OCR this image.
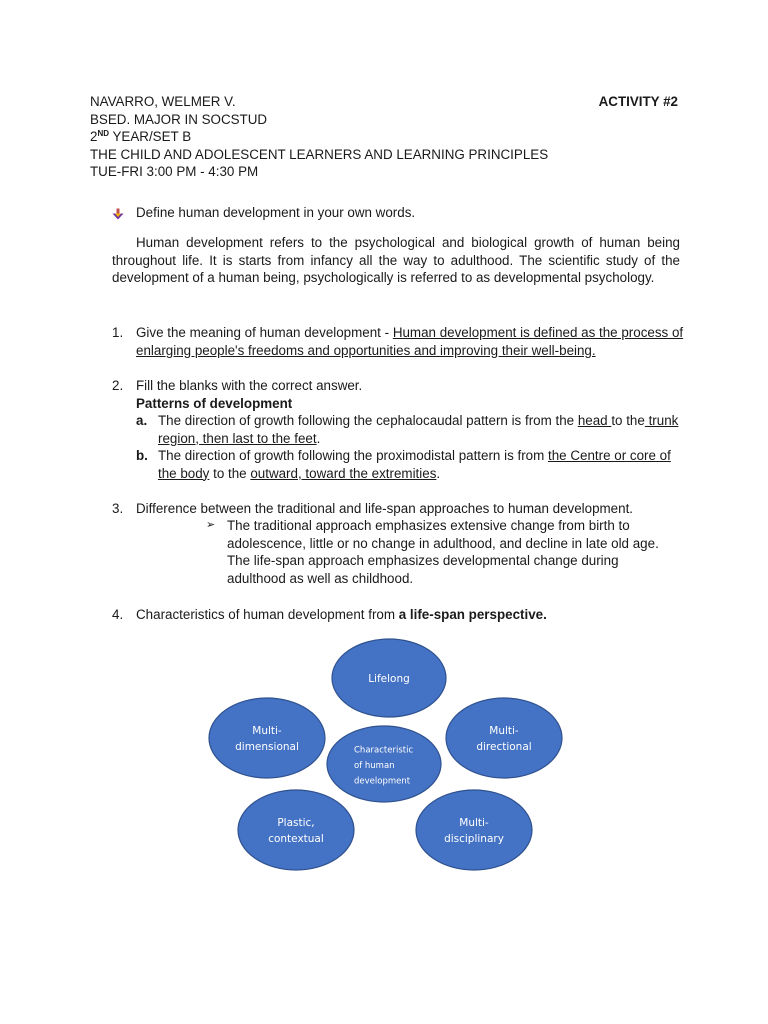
NAVARRO, WELMER V.
BSED. MAJOR IN SOCSTUD
2ND YEAR/SET B
THE CHILD AND ADOLESCENT LEARNERS AND LEARNING PRINCIPLES
TUE-FRI 3:00 PM - 4:30 PM
ACTIVITY #2
Define human development in your own words.

Human development refers to the psychological and biological growth of human being throughout life. It is starts from infancy all the way to adulthood. The scientific study of the development of a human being, psychologically is referred to as developmental psychology.

1. Give the meaning of human development - Human development is defined as the process of enlarging people's freedoms and opportunities and improving their well-being.
2. Fill the blanks with the correct answer.
Patterns of development
a. The direction of growth following the cephalocaudal pattern is from the head to the trunk region, then last to the feet.
b. The direction of growth following the proximodistal pattern is from the Centre or core of the body to the outward, toward the extremities.
3. Difference between the traditional and life-span approaches to human development.
➢ The traditional approach emphasizes extensive change from birth to adolescence, little or no change in adulthood, and decline in late old age. The life-span approach emphasizes developmental change during adulthood as well as childhood.
4. Characteristics of human development from a life-span perspective.
Lifelong
Multi-dimensional
Multi-directional
Plastic, contextual
Multi-disciplinary
Characteristic of human development
